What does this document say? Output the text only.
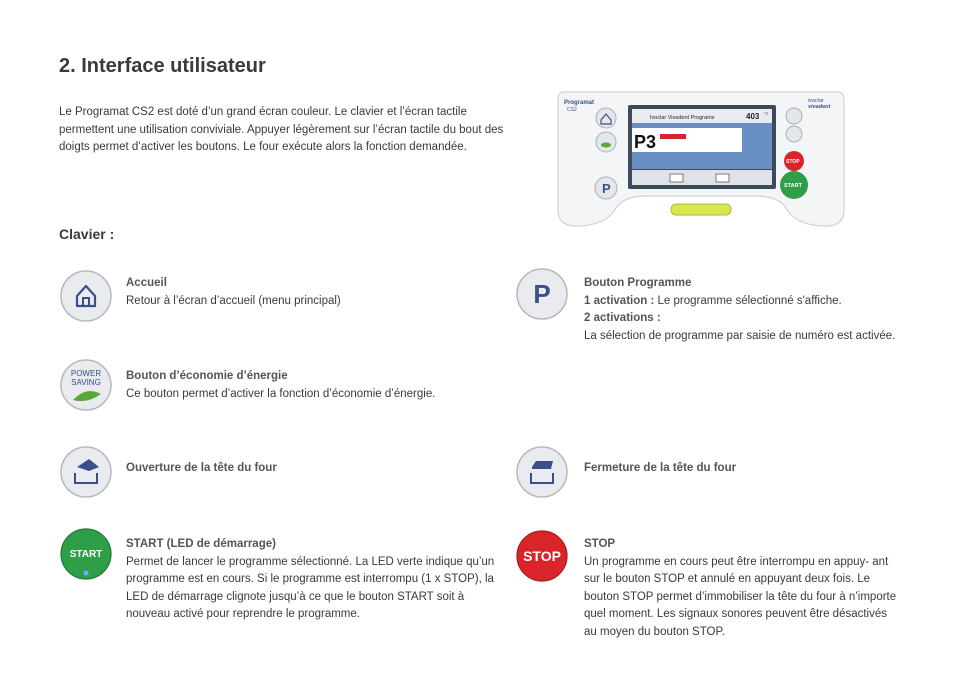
2. Interface utilisateur
Le Programat CS2 est doté d’un grand écran couleur. Le clavier et l’écran tactile permettent une utilisation conviviale. Appuyer légèrement sur l’écran tactile du bout des doigts permet d’activer les boutons. Le four exécute alors la fonction demandée.
Clavier :
Programat
CS2
P
Ivoclar Vivadent Programs	403 °C
P3
ivoclar
vivadent
STOP
START
POWER
SAVING
START
P
STOP
Accueil
Retour à l’écran d’accueil (menu principal)
Bouton d’économie d’énergie
Ce bouton permet d’activer la fonction d’économie d’énergie.
Ouverture de la tête du four
START (LED de démarrage)
Permet de lancer le programme sélectionné. La LED verte indique qu’un programme est en cours. Si le programme est interrompu (1 x STOP), la LED de démarrage clignote jusqu’à ce que le bouton START soit à nouveau activé pour reprendre le programme.
Bouton Programme
1 activation : Le programme sélectionné s'affiche.
2 activations :
La sélection de programme par saisie de numéro est activée.
Fermeture de la tête du four
STOP
Un programme en cours peut être interrompu en appuy- ant sur le bouton STOP et annulé en appuyant deux fois. Le bouton STOP permet d’immobiliser la tête du four à n’importe quel moment. Les signaux sonores peuvent être désactivés au moyen du bouton STOP.
